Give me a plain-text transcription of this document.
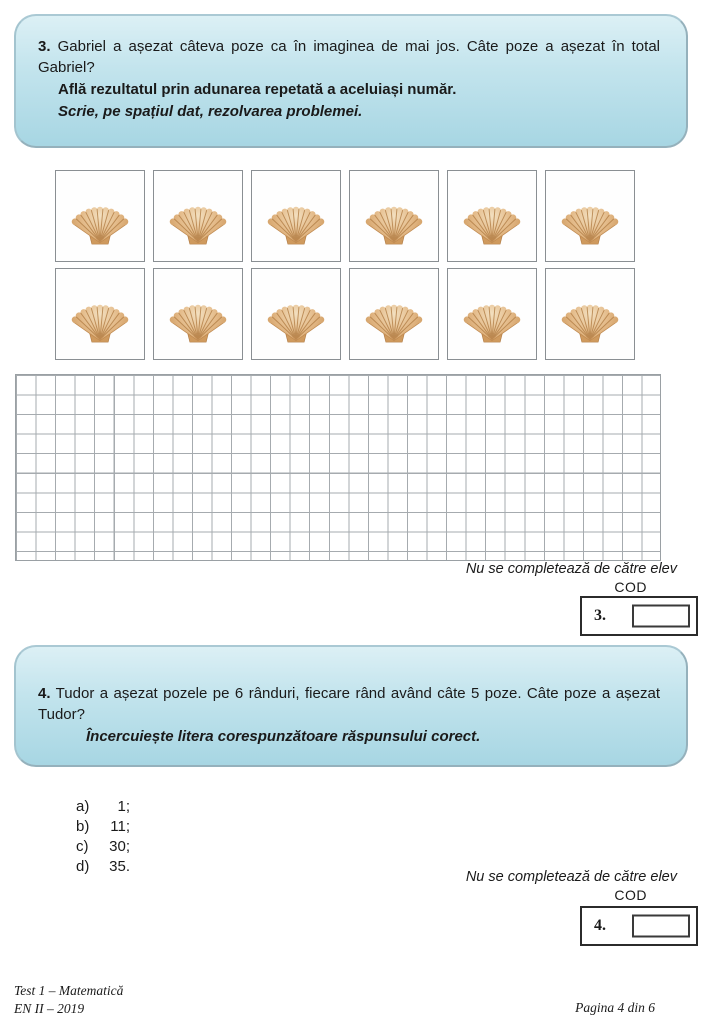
3. Gabriel a așezat câteva poze ca în imaginea de mai jos. Câte poze a așezat în total Gabriel?
Află rezultatul prin adunarea repetată a aceluiași număr.
Scrie, pe spațiul dat, rezolvarea problemei.
Nu se completează de către elev
COD
3.
4. Tudor a așezat pozele pe 6 rânduri, fiecare rând având câte 5 poze. Câte poze a așezat Tudor?
Încercuiește litera corespunzătoare răspunsului corect.
a)	1;
b)	11;
c)	30;
d)	35.
Nu se completează de către elev
COD
4.
Test 1 – Matematică
EN II – 2019	Pagina 4 din 6
